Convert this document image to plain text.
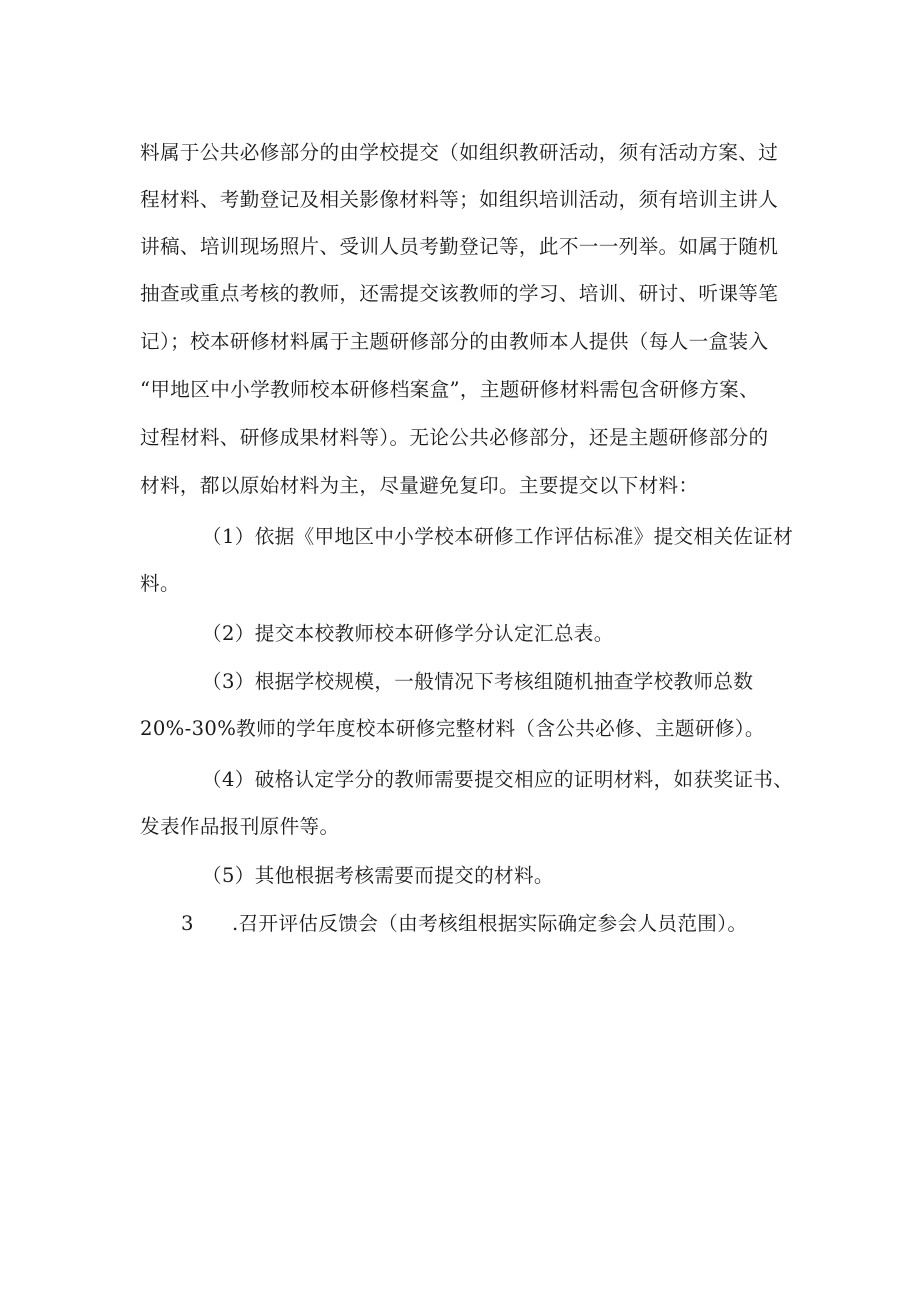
料属于公共必修部分的由学校提交（如组织教研活动，须有活动方案、过
程材料、考勤登记及相关影像材料等；如组织培训活动，须有培训主讲人
讲稿、培训现场照片、受训人员考勤登记等，此不一一列举。如属于随机
抽查或重点考核的教师，还需提交该教师的学习、培训、研讨、听课等笔
记）；校本研修材料属于主题研修部分的由教师本人提供（每人一盒装入
“甲地区中小学教师校本研修档案盒”，主题研修材料需包含研修方案、
过程材料、研修成果材料等）。无论公共必修部分，还是主题研修部分的
材料，都以原始材料为主，尽量避免复印。主要提交以下材料：
（1）依据《甲地区中小学校本研修工作评估标准》提交相关佐证材
料。
（2）提交本校教师校本研修学分认定汇总表。
（3）根据学校规模，一般情况下考核组随机抽查学校教师总数
20%-30%教师的学年度校本研修完整材料（含公共必修、主题研修）。
（4）破格认定学分的教师需要提交相应的证明材料，如获奖证书、
发表作品报刊原件等。
（5）其他根据考核需要而提交的材料。
3 .召开评估反馈会（由考核组根据实际确定参会人员范围）。
